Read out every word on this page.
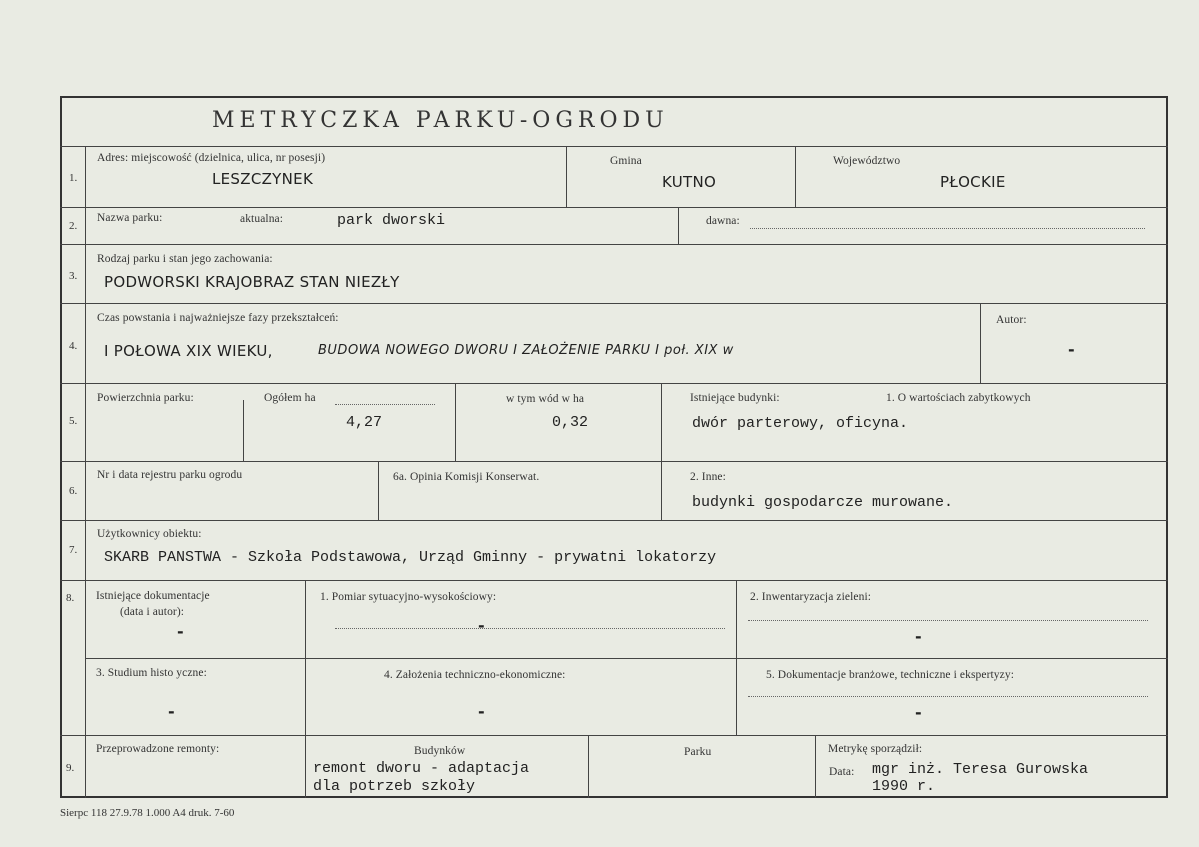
METRYCZKA PARKU-OGRODU
1.
Adres: miejscowość (dzielnica, ulica, nr posesji)
LESZCZYNEK
Gmina
KUTNO
Województwo
PŁOCKIE
2.
Nazwa parku:	aktualna:	park dworski	dawna:
3.
Rodzaj parku i stan jego zachowania:
PODWORSKI KRAJOBRAZ STAN NIEZŁY
4.
Czas powstania i najważniejsze fazy przekształceń:
I POŁOWA XIX WIEKU,	BUDOWA NOWEGO DWORU I ZAŁOŻENIE PARKU I poł. XIX w
Autor:
-
5.
Powierzchnia parku:	Ogółem ha
4,27
w tym wód w ha
0,32
Istniejące budynki:	1. O wartościach zabytkowych
dwór parterowy, oficyna.
6.
Nr i data rejestru parku ogrodu	6a. Opinia Komisji Konserwat.	2. Inne:
budynki gospodarcze murowane.
7.
Użytkownicy obiektu:
SKARB PANSTWA - Szkoła Podstawowa, Urząd Gminny - prywatni lokatorzy
8. Istniejące dokumentacje
(data i autor):
-
1. Pomiar sytuacyjno-wysokościowy:
-
2. Inwentaryzacja zieleni:
-
3. Studium histo yczne:
-
4. Założenia techniczno-ekonomiczne:
-
5. Dokumentacje branżowe, techniczne i ekspertyzy:
-
9.
Przeprowadzone remonty:	Budynków
remont dworu - adaptacja
dla potrzeb szkoły
Parku	Metrykę sporządził:
Data: mgr inż. Teresa Gurowska
1990 r.
Sierpc 118 27.9.78 1.000 A4 druk. 7-60
